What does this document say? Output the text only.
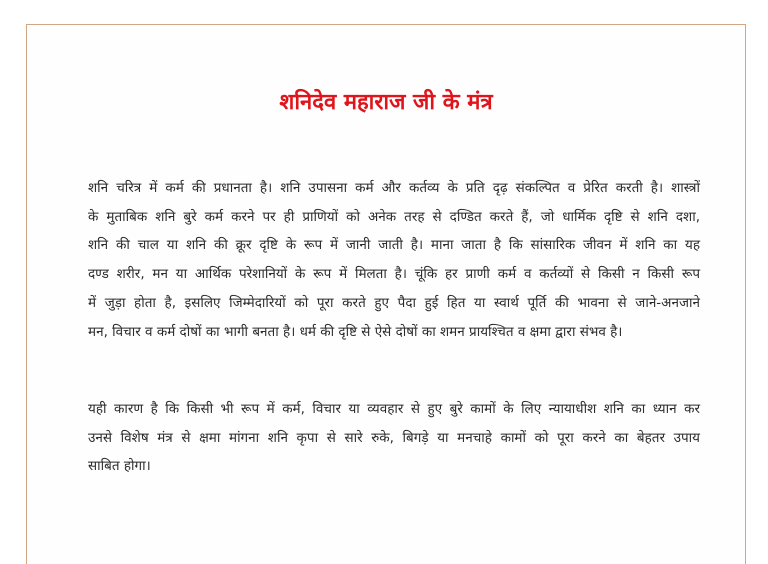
शनिदेव महाराज जी के मंत्र

शनि चरित्र में कर्म की प्रधानता है। शनि उपासना कर्म और कर्तव्य के प्रति दृढ़ संकल्पित व प्रेरित करती है। शास्त्रों
के मुताबिक शनि बुरे कर्म करने पर ही प्राणियों को अनेक तरह से दण्डित करते हैं, जो धार्मिक दृष्टि से शनि दशा,
शनि की चाल या शनि की क्रूर दृष्टि के रूप में जानी जाती है। माना जाता है कि सांसारिक जीवन में शनि का यह
दण्ड शरीर, मन या आर्थिक परेशानियों के रूप में मिलता है। चूंकि हर प्राणी कर्म व कर्तव्यों से किसी न किसी रूप
में जुड़ा होता है, इसलिए जिम्मेदारियों को पूरा करते हुए पैदा हुई हित या स्वार्थ पूर्ति की भावना से जाने-अनजाने
मन, विचार व कर्म दोषों का भागी बनता है। धर्म की दृष्टि से ऐसे दोषों का शमन प्रायश्चित व क्षमा द्वारा संभव है।

यही कारण है कि किसी भी रूप में कर्म, विचार या व्यवहार से हुए बुरे कामों के लिए न्यायाधीश शनि का ध्यान कर
उनसे विशेष मंत्र से क्षमा मांगना शनि कृपा से सारे रुके, बिगड़े या मनचाहे कामों को पूरा करने का बेहतर उपाय
साबित होगा।
